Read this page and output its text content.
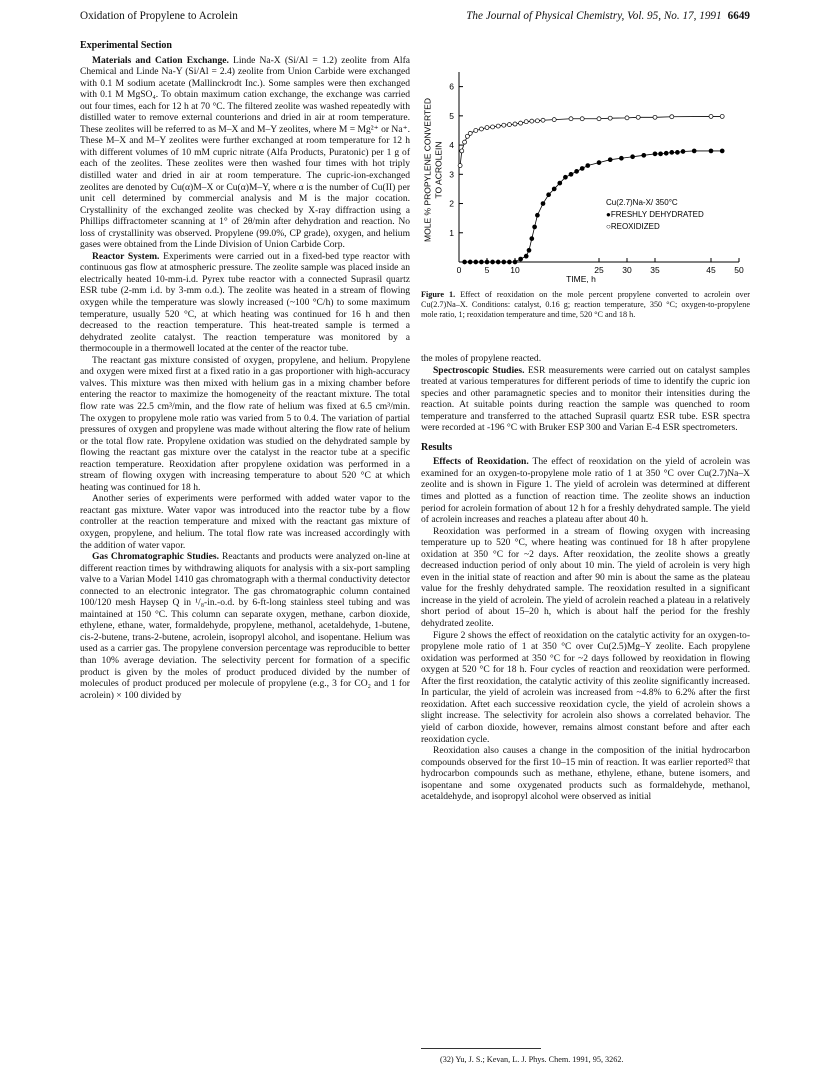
Oxidation of Propylene to Acrolein	The Journal of Physical Chemistry, Vol. 95, No. 17, 1991 6649

Experimental Section

Materials and Cation Exchange. Linde Na-X (Si/Al = 1.2) zeolite from Alfa Chemical and Linde Na-Y (Si/Al = 2.4) zeolite from Union Carbide were exchanged with 0.1 M sodium acetate (Mallinckrodt Inc.). Some samples were then exchanged with 0.1 M MgSO₄. To obtain maximum cation exchange, the exchange was carried out four times, each for 12 h at 70 °C. The filtered zeolite was washed repeatedly with distilled water to remove external counterions and dried in air at room temperature. These zeolites will be referred to as M–X and M–Y zeolites, where M = Mg²⁺ or Na⁺. These M–X and M–Y zeolites were further exchanged at room temperature for 12 h with different volumes of 10 mM cupric nitrate (Alfa Products, Puratonic) per 1 g of each of the zeolites. These zeolites were then washed four times with hot triply distilled water and dried in air at room temperature. The cupric-ion-exchanged zeolites are denoted by Cu(α)M–X or Cu(α)M–Y, where α is the number of Cu(II) per unit cell determined by commercial analysis and M is the major cocation. Crystallinity of the exchanged zeolite was checked by X-ray diffraction using a Phillips diffractometer scanning at 1° of 2θ/min after dehydration and reaction. No loss of crystallinity was observed. Propylene (99.0%, CP grade), oxygen, and helium gases were obtained from the Linde Division of Union Carbide Corp.

Reactor System. Experiments were carried out in a fixed-bed type reactor with continuous gas flow at atmospheric pressure. The zeolite sample was placed inside an electrically heated 10-mm-i.d. Pyrex tube reactor with a connected Suprasil quartz ESR tube (2-mm i.d. by 3-mm o.d.). The zeolite was heated in a stream of flowing oxygen while the temperature was slowly increased (~100 °C/h) to some maximum temperature, usually 520 °C, at which heating was continued for 16 h and then decreased to the reaction temperature. This heat-treated sample is termed a dehydrated zeolite catalyst. The reaction temperature was monitored by a thermocouple in a thermowell located at the center of the reactor tube.

The reactant gas mixture consisted of oxygen, propylene, and helium. Propylene and oxygen were mixed first at a fixed ratio in a gas proportioner with high-accuracy valves. This mixture was then mixed with helium gas in a mixing chamber before entering the reactor to maximize the homogeneity of the reactant mixture. The total flow rate was 22.5 cm³/min, and the flow rate of helium was fixed at 6.5 cm³/min. The oxygen to propylene mole ratio was varied from 5 to 0.4. The variation of partial pressures of oxygen and propylene was made without altering the flow rate of helium or the total flow rate. Propylene oxidation was studied on the dehydrated sample by flowing the reactant gas mixture over the catalyst in the reactor tube at a specific reaction temperature. Reoxidation after propylene oxidation was performed in a stream of flowing oxygen with increasing temperature to about 520 °C at which heating was continued for 18 h.

Another series of experiments were performed with added water vapor to the reactant gas mixture. Water vapor was introduced into the reactor tube by a flow controller at the reaction temperature and mixed with the reactant gas mixture of oxygen, propylene, and helium. The total flow rate was increased accordingly with the addition of water vapor.

Gas Chromatographic Studies. Reactants and products were analyzed on-line at different reaction times by withdrawing aliquots for analysis with a six-port sampling valve to a Varian Model 1410 gas chromatograph with a thermal conductivity detector connected to an electronic integrator. The gas chromatographic column contained 100/120 mesh Haysep Q in ¹/₈-in.-o.d. by 6-ft-long stainless steel tubing and was maintained at 150 °C. This column can separate oxygen, methane, carbon dioxide, ethylene, ethane, water, formaldehyde, propylene, methanol, acetaldehyde, 1-butene, cis-2-butene, trans-2-butene, acrolein, isopropyl alcohol, and isopentane. Helium was used as a carrier gas. The propylene conversion percentage was reproducible to better than 10% average deviation. The selectivity percent for formation of a specific product is given by the moles of product produced divided by the number of molecules of product produced per molecule of propylene (e.g., 3 for CO₂ and 1 for acrolein) × 100 divided by

0	5 10	25 30 35	45 50
1
2
3
4
5
6
MOLE % PROPYLENE CONVERTED TO ACROLEIN
TIME, h
Cu(2.7)Na-X/ 350°C
●FRESHLY DEHYDRATED
○REOXIDIZED
Figure 1. Effect of reoxidation on the mole percent propylene converted to acrolein over Cu(2.7)Na–X. Conditions: catalyst, 0.16 g; reaction temperature, 350 °C; oxygen-to-propylene mole ratio, 1; reoxidation temperature and time, 520 °C and 18 h.

the moles of propylene reacted.

Spectroscopic Studies. ESR measurements were carried out on catalyst samples treated at various temperatures for different periods of time to identify the cupric ion species and other paramagnetic species and to monitor their intensities during the reaction. At suitable points during reaction the sample was quenched to room temperature and transferred to the attached Suprasil quartz ESR tube. ESR spectra were recorded at -196 °C with Bruker ESP 300 and Varian E-4 ESR spectrometers.

Results

Effects of Reoxidation. The effect of reoxidation on the yield of acrolein was examined for an oxygen-to-propylene mole ratio of 1 at 350 °C over Cu(2.7)Na–X zeolite and is shown in Figure 1. The yield of acrolein was determined at different times and plotted as a function of reaction time. The zeolite shows an induction period for acrolein formation of about 12 h for a freshly dehydrated sample. The yield of acrolein increases and reaches a plateau after about 40 h.

Reoxidation was performed in a stream of flowing oxygen with increasing temperature up to 520 °C, where heating was continued for 18 h after propylene oxidation at 350 °C for ~2 days. After reoxidation, the zeolite shows a greatly decreased induction period of only about 10 min. The yield of acrolein is very high even in the initial state of reaction and after 90 min is about the same as the plateau value for the freshly dehydrated sample. The reoxidation resulted in a significant increase in the yield of acrolein. The yield of acrolein reached a plateau in a relatively short period of about 15–20 h, which is about half the period for the freshly dehydrated zeolite.

Figure 2 shows the effect of reoxidation on the catalytic activity for an oxygen-to-propylene mole ratio of 1 at 350 °C over Cu(2.5)Mg–Y zeolite. Each propylene oxidation was performed at 350 °C for ~2 days followed by reoxidation in flowing oxygen at 520 °C for 18 h. Four cycles of reaction and reoxidation were performed. After the first reoxidation, the catalytic activity of this zeolite significantly increased. In particular, the yield of acrolein was increased from ~4.8% to 6.2% after the first reoxidation. Aftet each successive reoxidation cycle, the yield of acrolein shows a slight increase. The selectivity for acrolein also shows a correlated behavior. The yield of carbon dioxide, however, remains almost constant before and after each reoxidation cycle.

Reoxidation also causes a change in the composition of the initial hydrocarbon compounds observed for the first 10–15 min of reaction. It was earlier reported³² that hydrocarbon compounds such as methane, ethylene, ethane, butene isomers, and isopentane and some oxygenated products such as formaldehyde, methanol, acetaldehyde, and isopropyl alcohol were observed as initial

(32) Yu, J. S.; Kevan, L. J. Phys. Chem. 1991, 95, 3262.
